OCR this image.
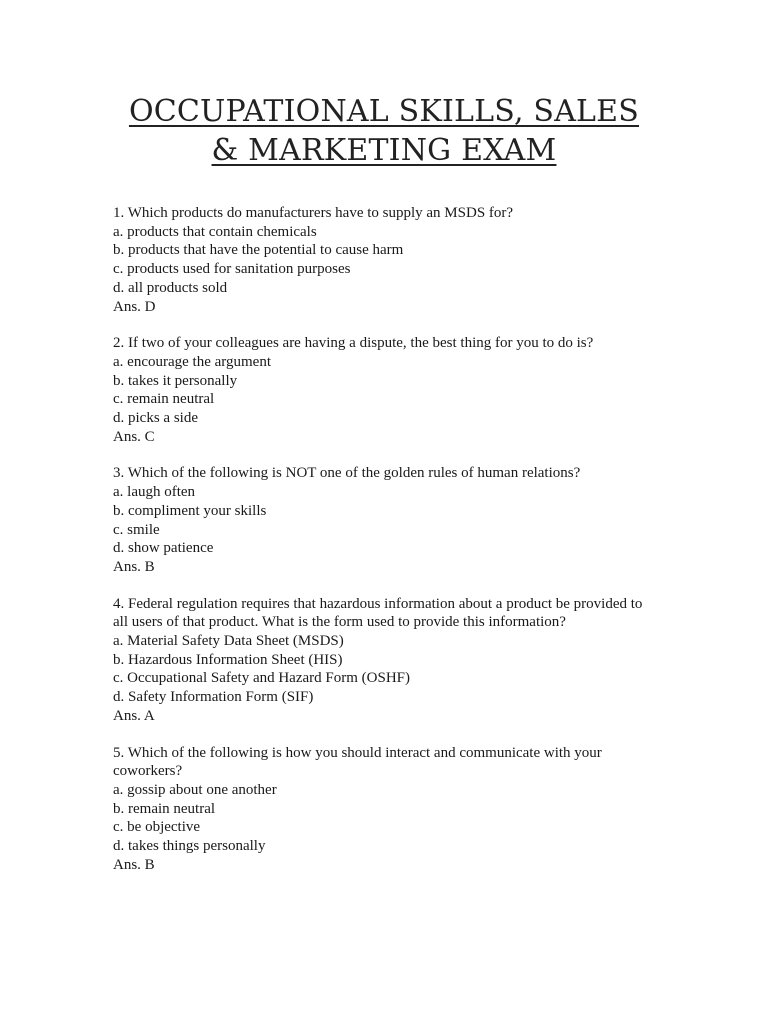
OCCUPATIONAL SKILLS, SALES
& MARKETING EXAM
1. Which products do manufacturers have to supply an MSDS for?
a. products that contain chemicals
b. products that have the potential to cause harm
c. products used for sanitation purposes
d. all products sold
Ans. D
2. If two of your colleagues are having a dispute, the best thing for you to do is?
a. encourage the argument
b. takes it personally
c. remain neutral
d. picks a side
Ans. C
3. Which of the following is NOT one of the golden rules of human relations?
a. laugh often
b. compliment your skills
c. smile
d. show patience
Ans. B
4. Federal regulation requires that hazardous information about a product be provided to all users of that product. What is the form used to provide this information?
a. Material Safety Data Sheet (MSDS)
b. Hazardous Information Sheet (HIS)
c. Occupational Safety and Hazard Form (OSHF)
d. Safety Information Form (SIF)
Ans. A
5. Which of the following is how you should interact and communicate with your coworkers?
a. gossip about one another
b. remain neutral
c. be objective
d. takes things personally
Ans. B
